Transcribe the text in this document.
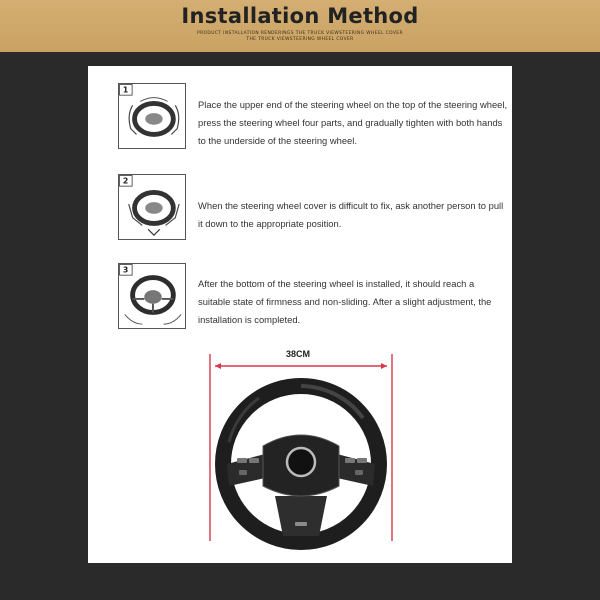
Installation Method
PRODUCT INSTALLATION RENDERINGS THE TRUCK VIEWSTEERING WHEEL COVER
THE TRUCK VIEWSTEERING WHEEL COVER
1
Place the upper end of the steering wheel on the top of the steering wheel, press the steering wheel four parts, and gradually tighten with both hands to the underside of the steering wheel.
2
When the steering wheel cover is difficult to fix, ask another person to pull it down to the appropriate position.
3
After the bottom of the steering wheel is installed, it should reach a suitable state of firmness and non-sliding. After a slight adjustment, the installation is completed.
38CM
